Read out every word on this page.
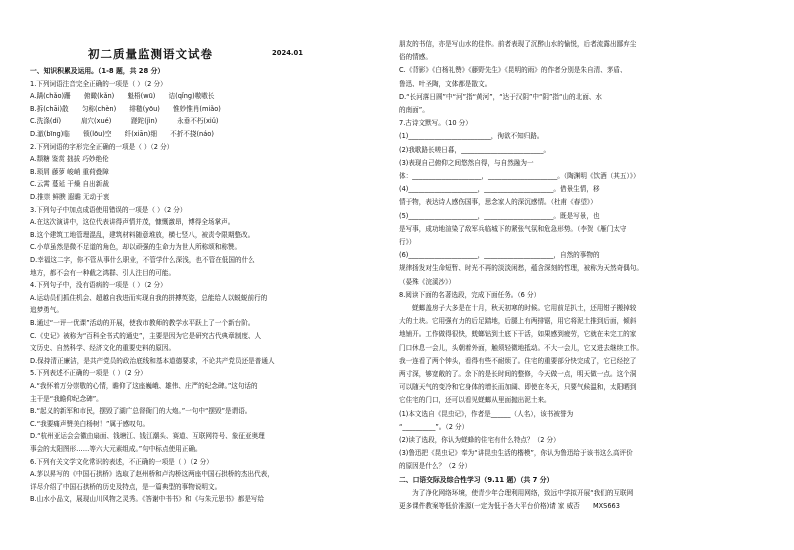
初二质量监测语文试卷	2024.01
一、知识积累及运用。（1-8 题，共 28 分）
1.下列词语注音完全正确的一项是（ ）（2 分）
A.蹒(chǎo)跚　　俯瞰(kǎn)　　魁梧(wū)　　诘(qǐng)嗷嗷长
B.拆(chāi)散　　匀称(chèn)　　绯糙(yōu)　　惟妙惟肖(miǎo)
C.洗涤(dí)　　　肩穴(xué)　　　蹉跎(jìn)　　　永垂不朽(xiǔ)
D.澈(bīng)临　　锁(lōu)空　　纤(xiān)细　　不折不挠(náo)
2.下列词语的字形完全正确的一项是（ ）（2 分）
A.颓糖 鉴赏 拙拔 巧妙绝伦
B.琐屑 藤萝 峻峭 重荷叠障
C.云霄 蔓延 干燥 自出新裁
D.推崇 鲜腴 遐瞻 无动于衷
3.下列句子中加点成语使用错误的一项是（ ）（2 分）
A.在这次演讲中，这位代表讲得声情并茂，慷慨激昂，博得全场掌声。
B.这个建筑工地管理混乱，建筑材料随意堆放，横七竖八，被责令限期整改。
C.小草虽然是微不足道的角色，却以顽强的生命力为世人所称颂和称赞。
D.幸福这二字，你不管从事什么职业，不管学什么深浅，也不管在低国的什么
地方，都不会有一种截之鸿群、引人注目的可能。
4.下列句子中，没有语病的一项是（ ）（2 分）
A.运动员们抓住机会、超越自我进而实现自我的拼搏英姿，总能给人以蜕蜕前行的
追梦勇气。
B.通过“一评一优课”活动的开展，使我市教师的教学水平跃上了一个新台阶。
C.《史记》被称为“百科全书式的通史”，主要是因为它是研究古代典章制度、人
文历史、自然科学、经济文化的重要史料的原因。
D.保持清正廉洁，是共产党员的政治底线和基本道德要求，不论共产党员还是普通人
5.下列表述不正确的一项是（ ）（2 分）
A.“我怀着万分崇敬的心情，瞻仰了这座巍峨、雄伟、庄严的纪念碑。”这句话的
主干是“我瞻仰纪念碑”。
B.“起义的新军和市民，摆毁了湖广总督衙门的大炮。”一句中“摆毁”是谓语。
C.“我要痛声赞美白杨树！”属于感叹句。
D.“杭州亚运会会徽由扇面、钱塘江、钱江潮头、赛道、互联网符号、象征亚奥理
事会的太阳图形……等六大元素组成。”句中标点使用正确。
6.下列有关文学文化常识的表述，不正确的一项是（ ）（2 分）
A.茅以昇写的《中国石拱桥》选取了赵州桥和卢沟桥这两座中国石拱桥的杰出代表，
详尽介绍了中国石拱桥的历史及特点，是一篇典型的事物说明文。
B.山水小品文，展现山川风物之灵秀。《答谢中书书》和《与朱元思书》都是写给
朋友的书信，亦是写山水的佳作。前者表现了沉醉山水的愉悦，后者流露出鄙弃尘
俗的情感。
C.《背影》《白杨礼赞》《藤野先生》《昆明的雨》的作者分别是朱自清、茅盾、
鲁迅、叶圣陶，文体都是散文。
D.“长河落日圆”中“河”指“黄河”，“达于汉阴”中“阴”指“山的北面、水
的南面”。
7.古诗文默写。（10 分）
(1)_________________________，徇欲不知归路。
(2)我歌路长嗟日暮，_________________________。
(3)表现自己俯仰之间悠然自得，与自然融为一
体：_____________________，_____________________。（陶渊明《饮酒（其五）》）
(4)_____________________，_____________________。借景生情，移
情于物，表达诗人感伤国事，思念家人的深沉感情。（杜甫《春望》）
(5)_____________________，_____________________。既是写景，也
是写事，成功地渲染了敌军兵临城下的紧张气氛和危急形势。（李贺《雁门太守
行》）
(6)_____________________，_____________________，自然的事物的
规律扬发对生命短暂、时光不再的淡淡闲愁，蕴含深刻的哲理，被称为天然奇偶句。
（晏殊《浣溪沙》）
8.阅读下面的名著选段，完成下面任务。（6 分）
　　蜣螂盖房子大多是在十月，秋天初寒的时候。它用前足扒土，还用钳子搬掉较
大的土块。它用强有力的后足踏地，后腿上有两排锯，用它将泥土推到后面，倾斜
地铺开。工作做得很快，蜣螂钻到土底下干活，如果感到疲劳，它就在未完工的家
门口休息一会儿，头朝着外面，触须轻微地抵动。不大一会儿，它又进去继续工作。
我一连看了两个钟头，看得有些不耐烦了。住宅的重要部分快完成了，它已经挖了
两寸深，够宽敞的了。余下的是长时间的整修，今天做一点，明天做一点。这个洞
可以随天气的变冷和它身体的增长而加阔、即使在冬天，只要气候温和，太阳晒到
它住宅的门口，还可以看见蜣螂从里面抛出泥土来。
(1)本文选自《昆虫记》，作者是______（人名），该书被誉为
“__________”。（2 分）
(2)读了选段，你认为蜣蜂的住宅有什么特点？（2 分）
(3)鲁迅把《昆虫记》奉为“讲昆虫生活的楷模”，你认为鲁迅给于该书这么高评价
的原因是什么？（2 分）
二、口语交际及综合性学习（9.11 题）（共 7 分）
　　为了净化网络环境，使青少年合理利用网络，致远中学拟开展“我们的互联网
更多课件教案等低价准源(一定为低于各大平台价格)请 家 威否　　MXS663
